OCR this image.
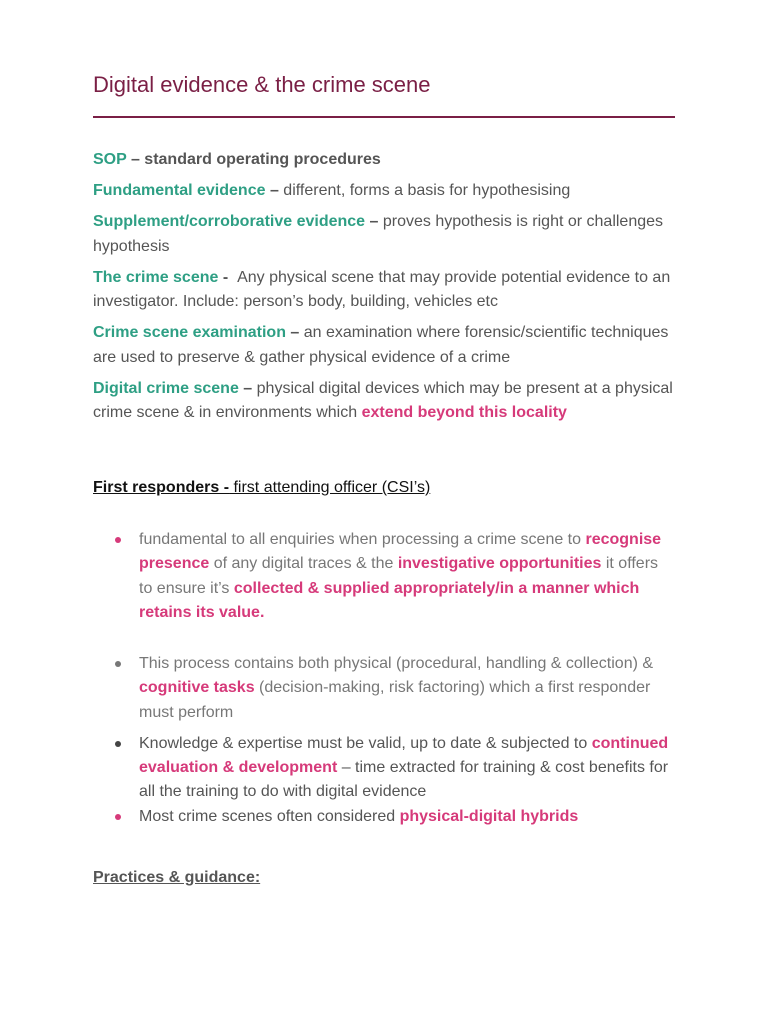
Digital evidence & the crime scene

SOP – standard operating procedures

Fundamental evidence – different, forms a basis for hypothesising

Supplement/corroborative evidence – proves hypothesis is right or challenges hypothesis

The crime scene -  Any physical scene that may provide potential evidence to an investigator. Include: person’s body, building, vehicles etc

Crime scene examination – an examination where forensic/scientific techniques are used to preserve & gather physical evidence of a crime

Digital crime scene – physical digital devices which may be present at a physical crime scene & in environments which extend beyond this locality

First responders - first attending officer (CSI’s)

fundamental to all enquiries when processing a crime scene to recognise presence of any digital traces & the investigative opportunities it offers to ensure it’s collected & supplied appropriately/in a manner which retains its value.
This process contains both physical (procedural, handling & collection) & cognitive tasks (decision-making, risk factoring) which a first responder must perform
Knowledge & expertise must be valid, up to date & subjected to continued evaluation & development – time extracted for training & cost benefits for all the training to do with digital evidence
Most crime scenes often considered physical-digital hybrids

Practices & guidance:
